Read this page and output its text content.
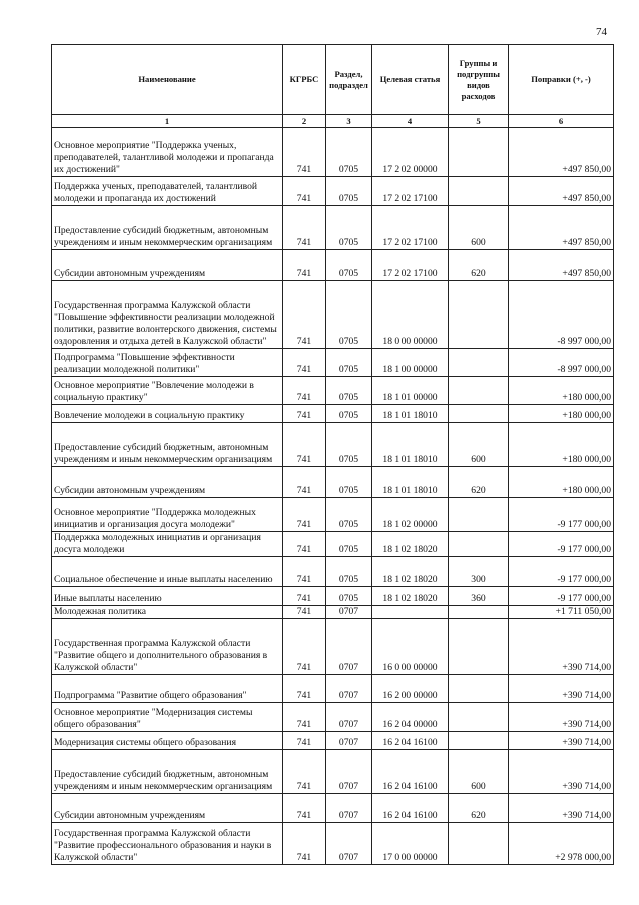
74
Наименование	КГРБС	Раздел, подраздел	Целевая статья	Группы и подгруппы видов расходов	Поправки (+, -)
1	2	3	4	5	6
Основное мероприятие "Поддержка ученых, преподавателей, талантливой молодежи и пропаганда их достижений"	741	0705	17 2 02 00000		+497 850,00
Поддержка ученых, преподавателей, талантливой молодежи и пропаганда их достижений	741	0705	17 2 02 17100		+497 850,00
Предоставление субсидий бюджетным, автономным учреждениям и иным некоммерческим организациям	741	0705	17 2 02 17100	600	+497 850,00
Субсидии автономным учреждениям	741	0705	17 2 02 17100	620	+497 850,00
Государственная программа Калужской области "Повышение эффективности реализации молодежной политики, развитие волонтерского движения, системы оздоровления и отдыха детей в Калужской области"	741	0705	18 0 00 00000		-8 997 000,00
Подпрограмма "Повышение эффективности реализации молодежной политики"	741	0705	18 1 00 00000		-8 997 000,00
Основное мероприятие "Вовлечение молодежи в социальную практику"	741	0705	18 1 01 00000		+180 000,00
Вовлечение молодежи в социальную практику	741	0705	18 1 01 18010		+180 000,00
Предоставление субсидий бюджетным, автономным учреждениям и иным некоммерческим организациям	741	0705	18 1 01 18010	600	+180 000,00
Субсидии автономным учреждениям	741	0705	18 1 01 18010	620	+180 000,00
Основное мероприятие "Поддержка молодежных инициатив и организация досуга молодежи"	741	0705	18 1 02 00000		-9 177 000,00
Поддержка молодежных инициатив и организация досуга молодежи	741	0705	18 1 02 18020		-9 177 000,00
Социальное обеспечение и иные выплаты населению	741	0705	18 1 02 18020	300	-9 177 000,00
Иные выплаты населению	741	0705	18 1 02 18020	360	-9 177 000,00
Молодежная политика	741	0707			+1 711 050,00
Государственная программа Калужской области "Развитие общего и дополнительного образования в Калужской области"	741	0707	16 0 00 00000		+390 714,00
Подпрограмма "Развитие общего образования"	741	0707	16 2 00 00000		+390 714,00
Основное мероприятие "Модернизация системы общего образования"	741	0707	16 2 04 00000		+390 714,00
Модернизация системы общего образования	741	0707	16 2 04 16100		+390 714,00
Предоставление субсидий бюджетным, автономным учреждениям и иным некоммерческим организациям	741	0707	16 2 04 16100	600	+390 714,00
Субсидии автономным учреждениям	741	0707	16 2 04 16100	620	+390 714,00
Государственная программа Калужской области "Развитие профессионального образования и науки в Калужской области"	741	0707	17 0 00 00000		+2 978 000,00
